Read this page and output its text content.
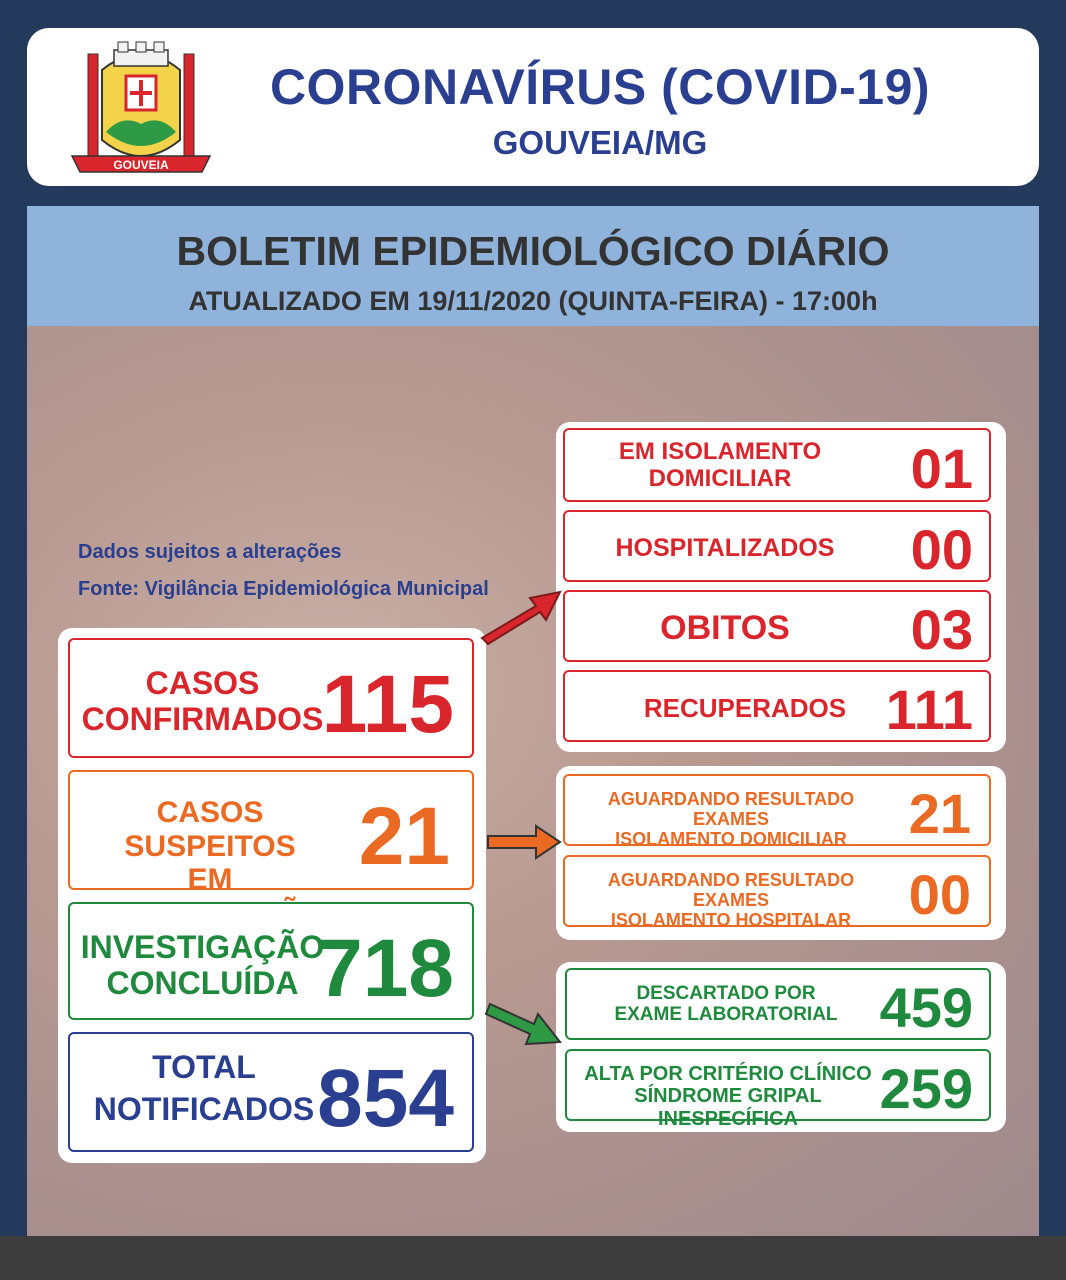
GOUVEIA
CORONAVÍRUS (COVID-19)
GOUVEIA/MG
BOLETIM EPIDEMIOLÓGICO DIÁRIO
ATUALIZADO EM 19/11/2020 (QUINTA-FEIRA) - 17:00h
Dados sujeitos a alterações
Fonte: Vigilância Epidemiológica Municipal
CASOS
CONFIRMADOS
115
CASOS SUSPEITOS
EM	21
INVESTIGAÇÃO
CONCLUÍDA 718
TOTAL
NOTIFICADOS 854
EM ISOLAMENTO
DOMICILIAR	01
HOSPITALIZADOS	00
OBITOS	03
RECUPERADOS 111
AGUARDANDO RESULTADO EXAMES
ISOLAMENTO DOMICILIAR	21
AGUARDANDO RESULTADO EXAMES
ISOLAMENTO HOSPITALAR	00
DESCARTADO POR
EXAME LABORATORIAL 459
ALTA POR CRITÉRIO CLÍNICO
SÍNDROME GRIPAL INESPECÍFICA	259
